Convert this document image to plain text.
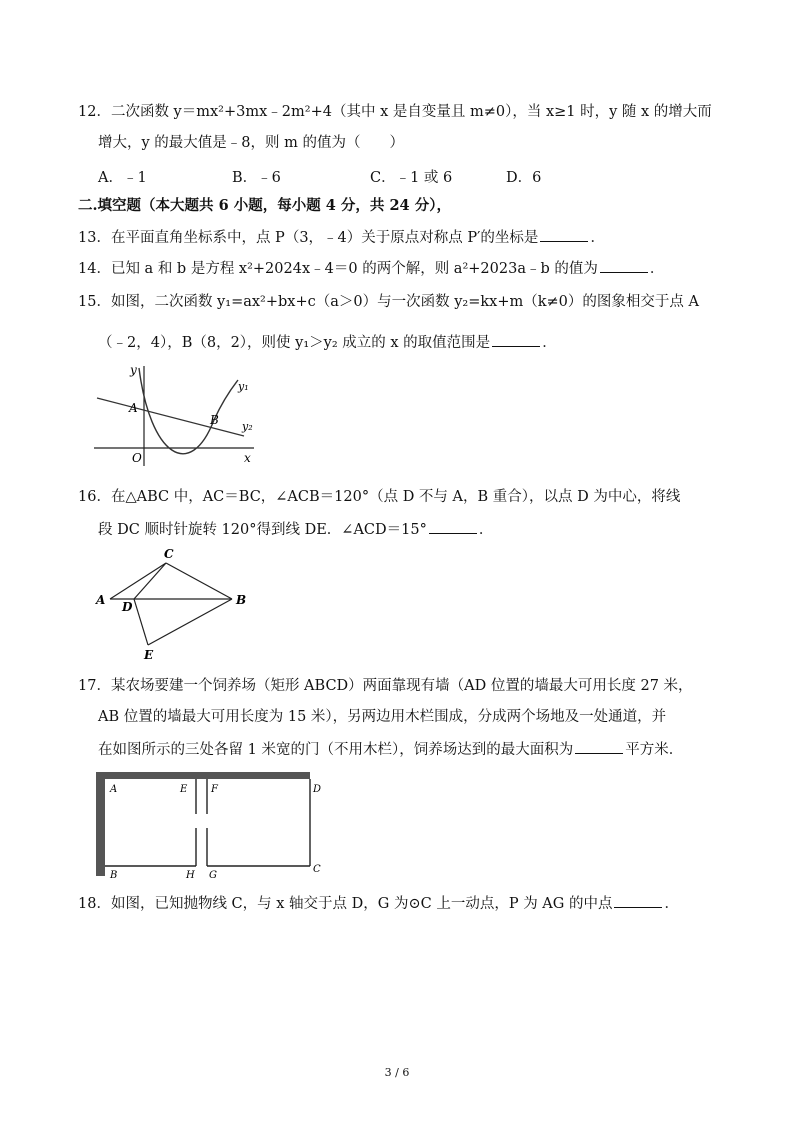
12．二次函数 y＝mx²+3mx﹣2m²+4（其中 x 是自变量且 m≠0），当 x≥1 时，y 随 x 的增大而
增大，y 的最大值是﹣8，则 m 的值为（　　）
A．﹣1	B．﹣6	C．﹣1 或 6	D．6
二.填空题（本大题共 6 小题，每小题 4 分，共 24 分），
13．在平面直角坐标系中，点 P（3，﹣4）关于原点对称点 P′的坐标是	．
14．已知 a 和 b 是方程 x²+2024x﹣4＝0 的两个解，则 a²+2023a﹣b 的值为	．
15．如图，二次函数 y₁=ax²+bx+c（a＞0）与一次函数 y₂=kx+m（k≠0）的图象相交于点 A
（﹣2，4），B（8，2），则使 y₁＞y₂ 成立的 x 的取值范围是	．
y
x
O
A
B
y₁
y₂
16．在△ABC 中，AC＝BC，∠ACB＝120°（点 D 不与 A，B 重合），以点 D 为中心，将线
段 DC 顺时针旋转 120°得到线 DE．∠ACD＝15°	．
C
A D	B
E
17．某农场要建一个饲养场（矩形 ABCD）两面靠现有墙（AD 位置的墙最大可用长度 27 米，
AB 位置的墙最大可用长度为 15 米），另两边用木栏围成，分成两个场地及一处通道，并
在如图所示的三处各留 1 米宽的门（不用木栏），饲养场达到的最大面积为	平方米．
A	E F	D
B	H G
C
18．如图，已知抛物线 C，与 x 轴交于点 D，G 为⊙C 上一动点，P 为 AG 的中点	．
3 / 6
